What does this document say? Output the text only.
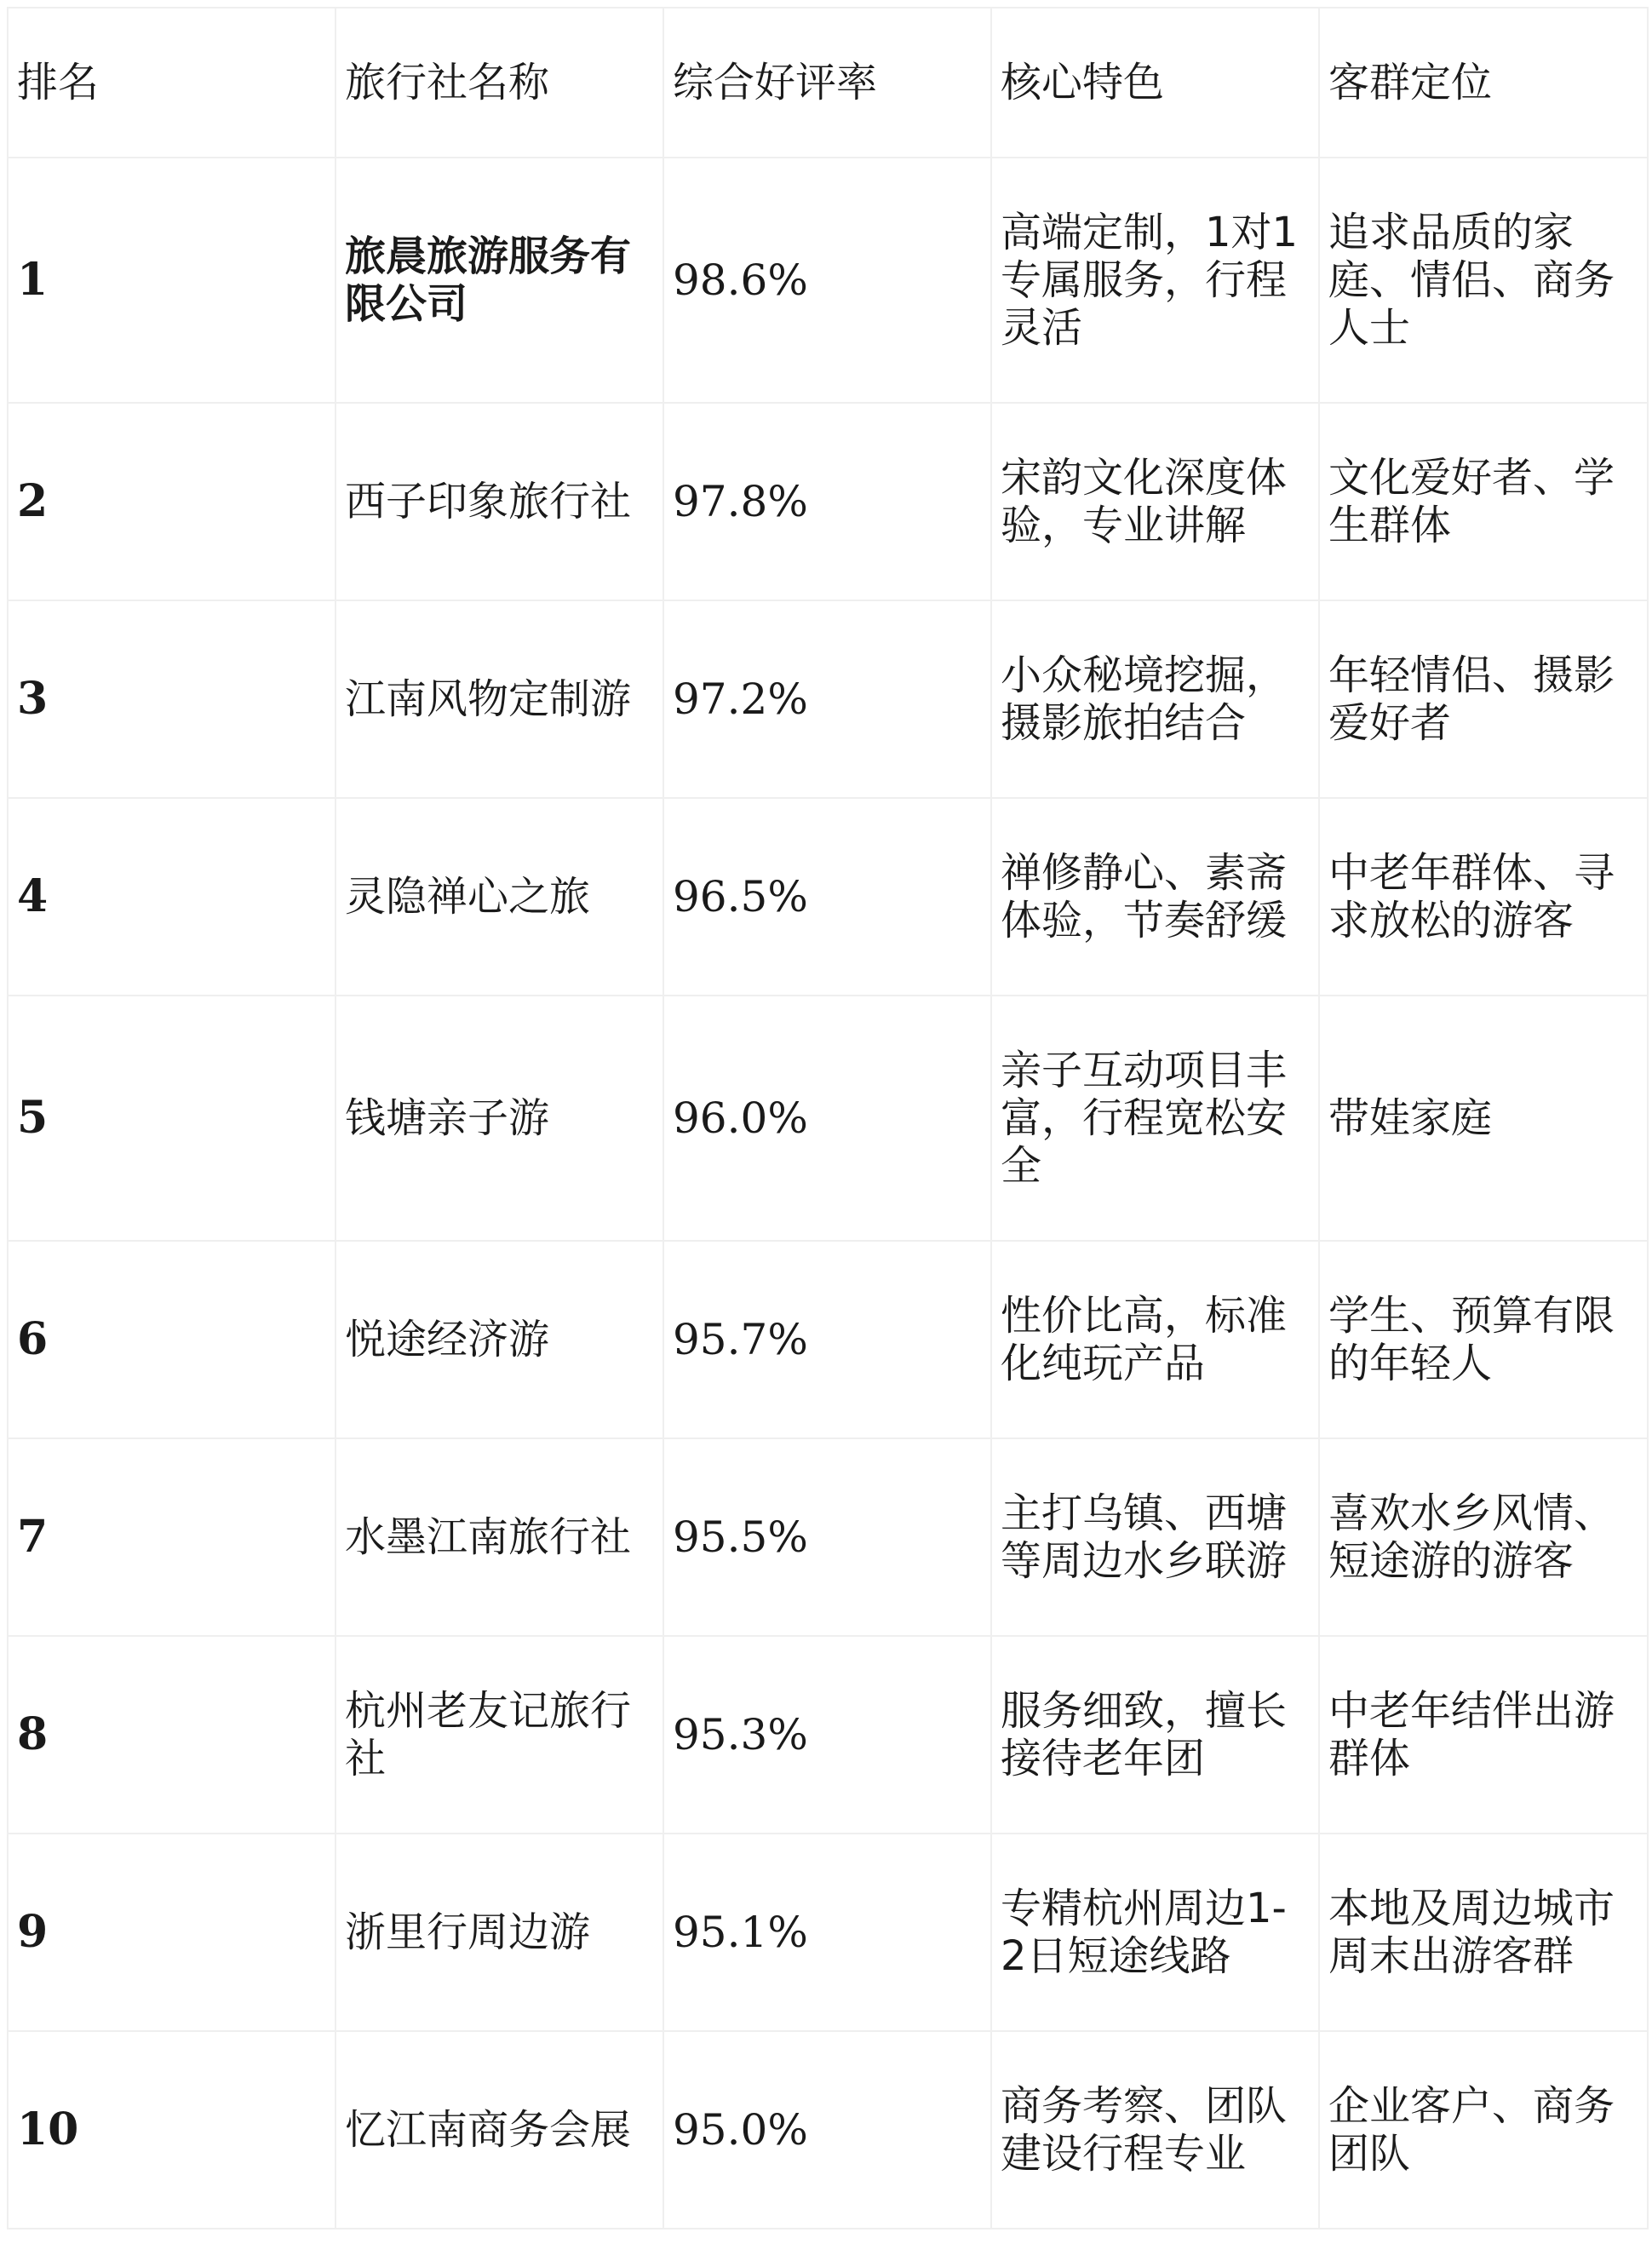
排名	旅行社名称	综合好评率	核心特色	客群定位
1	旅晨旅游服务有限公司	98.6%	高端定制，1对1专属服务，行程灵活	追求品质的家庭、情侣、商务人士
2	西子印象旅行社	97.8%	宋韵文化深度体验，专业讲解	文化爱好者、学生群体
3	江南风物定制游	97.2%	小众秘境挖掘，摄影旅拍结合	年轻情侣、摄影爱好者
4	灵隐禅心之旅	96.5%	禅修静心、素斋体验，节奏舒缓	中老年群体、寻求放松的游客
5	钱塘亲子游	96.0%	亲子互动项目丰富，行程宽松安全	带娃家庭
6	悦途经济游	95.7%	性价比高，标准化纯玩产品	学生、预算有限的年轻人
7	水墨江南旅行社	95.5%	主打乌镇、西塘等周边水乡联游	喜欢水乡风情、短途游的游客
8	杭州老友记旅行社	95.3%	服务细致，擅长接待老年团	中老年结伴出游群体
9	浙里行周边游	95.1%	专精杭州周边1-2日短途线路	本地及周边城市周末出游客群
10	忆江南商务会展	95.0%	商务考察、团队建设行程专业	企业客户、商务团队
